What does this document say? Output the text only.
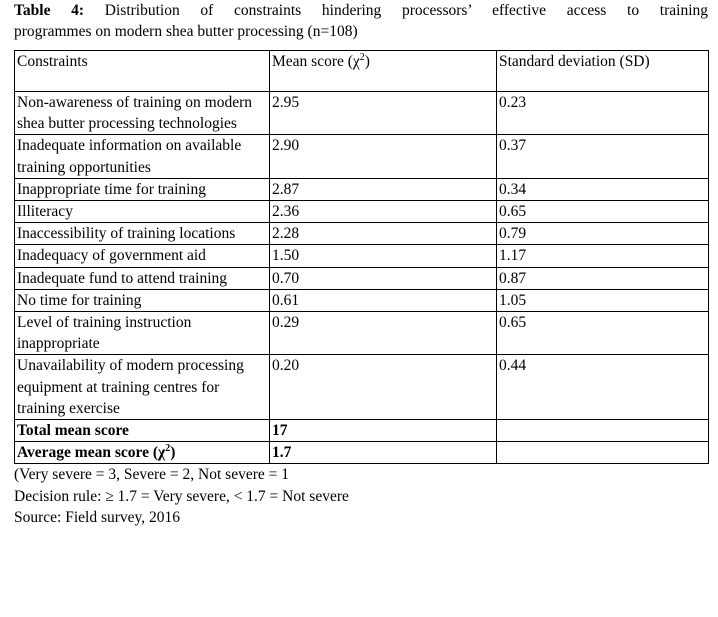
Table 4: Distribution of constraints hindering processors’ effective access to training
programmes on modern shea butter processing (n=108)

Constraints	Mean score $(\chi^2)$	Standard deviation (SD)
Non-awareness of training on modern shea butter processing technologies	2.95	0.23
Inadequate information on available training opportunities	2.90	0.37
Inappropriate time for training	2.87	0.34
Illiteracy	2.36	0.65
Inaccessibility of training locations	2.28	0.79
Inadequacy of government aid	1.50	1.17
Inadequate fund to attend training	0.70	0.87
No time for training	0.61	1.05
Level of training instruction inappropriate	0.29	0.65
Unavailability of modern processing equipment at training centres for training exercise	0.20	0.44
Total mean score	17	
Average mean score $(\chi^2)$	1.7	

(Very severe = 3, Severe = 2, Not severe = 1
Decision rule: ≥ 1.7 = Very severe, < 1.7 = Not severe
Source: Field survey, 2016
